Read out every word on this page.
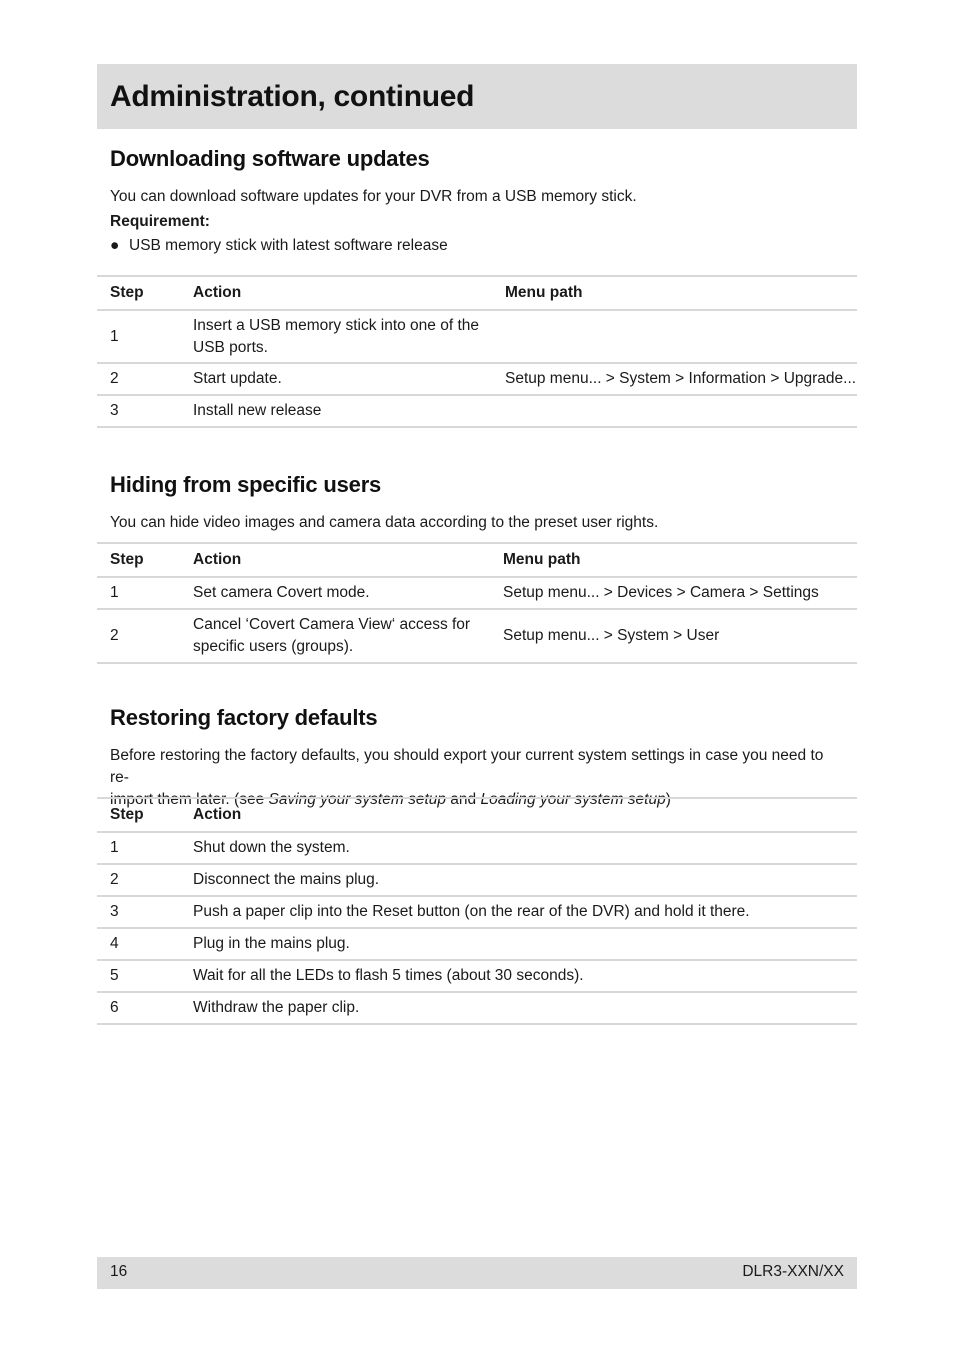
Administration, continued
Downloading software updates

You can download software updates for your DVR from a USB memory stick.

Requirement:

● USB memory stick with latest software release
Step	Action	Menu path
1	Insert a USB memory stick into one of the
USB ports.	
2	Start update.	Setup menu... > System > Information > Upgrade...
3	Install new release	
Hiding from specific users

You can hide video images and camera data according to the preset user rights.

Step	Action	Menu path
1	Set camera Covert mode.	Setup menu... > Devices > Camera > Settings
2	Cancel ‘Covert Camera View‘ access for
specific users (groups).	Setup menu... > System > User
Restoring factory defaults

Before restoring the factory defaults, you should export your current system settings in case you need to re-
import them later. (see Saving your system setup and Loading your system setup)

Step	Action
1	Shut down the system.
2	Disconnect the mains plug.
3	Push a paper clip into the Reset button (on the rear of the DVR) and hold it there.
4	Plug in the mains plug.
5	Wait for all the LEDs to flash 5 times (about 30 seconds).
6	Withdraw the paper clip.
16	DLR3-XXN/XX
